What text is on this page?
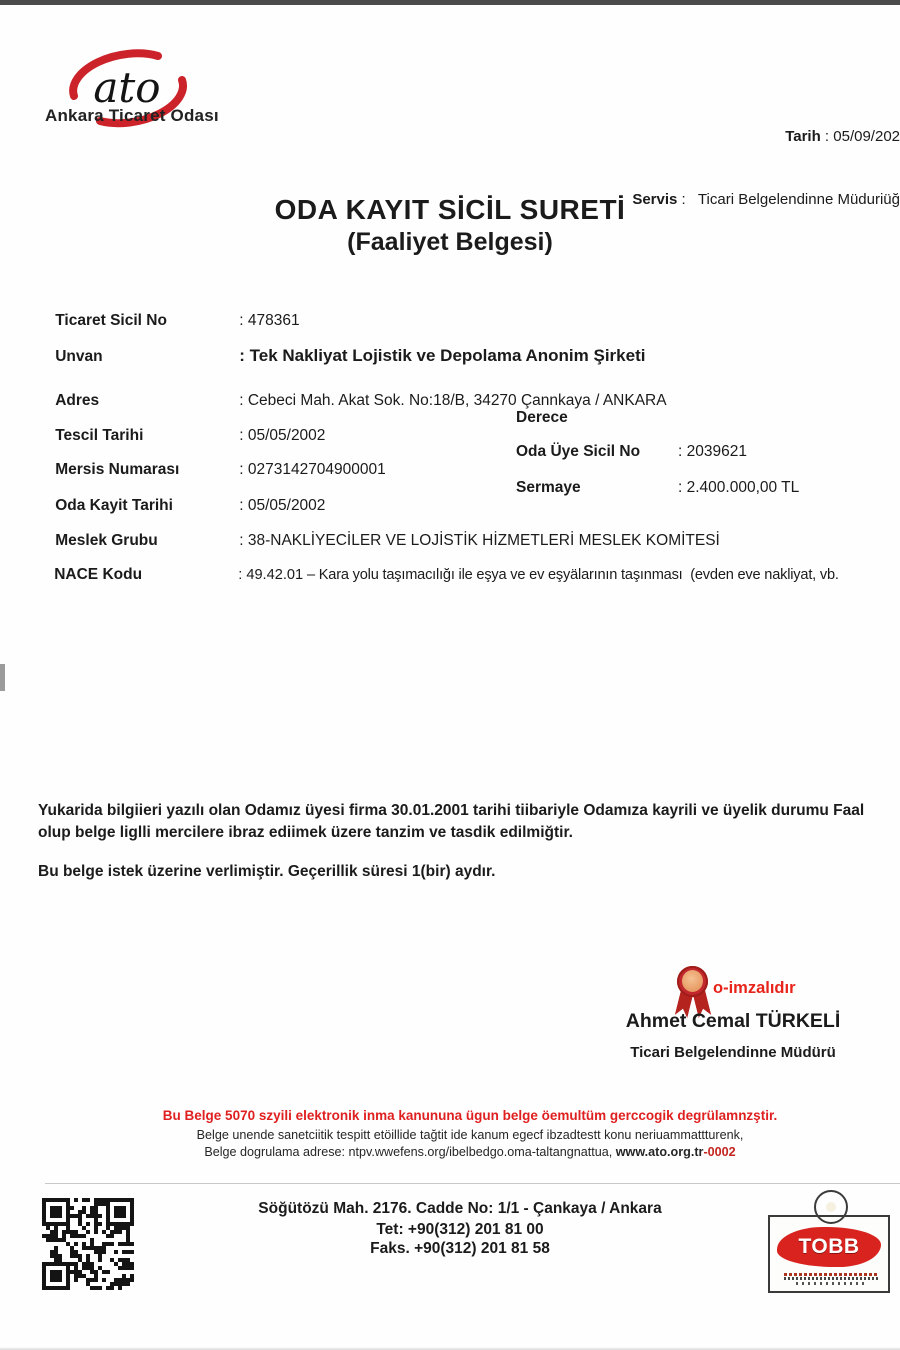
ato
Ankara Ticaret Odası

Tarih : 05/09/202

Servis :   Ticari Belgelendinne Müduriüğ

ODA KAYIT SİCİL SURETİ
(Faaliyet Belgesi)

Ticaret Sicil No	: 478361

Unvan	: Tek Nakliyat Lojistik ve Depolama Anonim Şirketi

Adres	: Cebeci Mah. Akat Sok. No:18/B, 34270 Çannkaya / ANKARA

Tescil Tarihi	: 05/05/2002

Derece

Mersis Numarası	: 0273142704900001

Oda Üye Sicil No : 2039621

Oda Kayit Tarihi	: 05/05/2002

Sermaye	: 2.400.000,00 TL

Meslek Grubu	: 38-NAKLİYECİLER VE LOJİSTİK HİZMETLERİ MESLEK KOMİTESİ

NACE Kodu	: 49.42.01 – Kara yolu taşımacılığı ile eşya ve ev eşyälarının taşınması  (evden eve nakliyat, vb.

Yukarida bilgiieri yazılı olan Odamız üyesi firma 30.01.2001 tarihi tiibariyle Odamıza kayrili ve üyelik durumu Faal olup belge liglli mercilere ibraz ediimek üzere tanzim ve tasdik edilmiğtir.
Bu belge istek üzerine verlimiştir. Geçerillik süresi 1(bir) aydır.
o-imzalıdır
Ahmet Cemal TÜRKELİ
Ticari Belgelendinne Müdürü
Bu Belge 5070 szyili elektronik inma kanununa ügun belge öemultüm gerccogik degrülamnzştir.
Belge unende sanetciitik tespitt etöillide tağtit ide kanum egecf ibzadtestt konu neriuammattturenk,
Belge dogrulama adrese: ntpv.wwefens.org/ibelbedgo.oma-taltangnattua, www.ato.org.tr-0002
Söğütözü Mah. 2176. Cadde No: 1/1 - Çankaya / Ankara
Tet: +90(312) 201 81 00
Faks. +90(312) 201 81 58	TOBB
